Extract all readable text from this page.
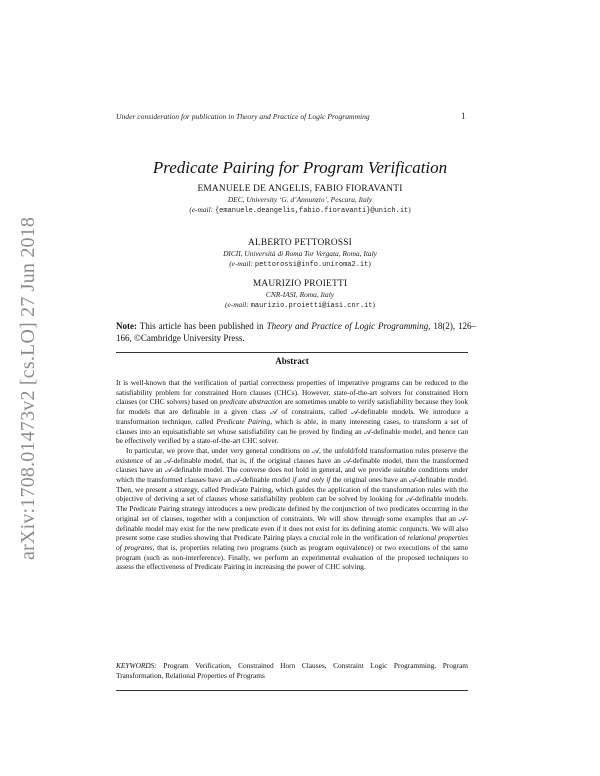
Under consideration for publication in Theory and Practice of Logic Programming	1
arXiv:1708.01473v2 [cs.LO] 27 Jun 2018
Predicate Pairing for Program Verification
EMANUELE DE ANGELIS, FABIO FIORAVANTI
DEC, University ‘G. d’Annunzio’, Pescara, Italy
(e-mail: {emanuele.deangelis,fabio.fioravanti}@unich.it)
ALBERTO PETTOROSSI
DICII, Università di Roma Tor Vergata, Roma, Italy
(e-mail: pettorossi@info.uniroma2.it)
MAURIZIO PROIETTI
CNR-IASI, Roma, Italy
(e-mail: maurizio.proietti@iasi.cnr.it)
Note: This article has been published in Theory and Practice of Logic Programming, 18(2), 126–166, ©Cambridge University Press.
Abstract

It is well-known that the verification of partial correctness properties of imperative programs can be reduced to the satisfiability problem for constrained Horn clauses (CHCs). However, state-of-the-art solvers for constrained Horn clauses (or CHC solvers) based on predicate abstraction are sometimes unable to verify satisfiability because they look for models that are definable in a given class 𝒜 of constraints, called 𝒜-definable models. We introduce a transformation technique, called Predicate Pairing, which is able, in many interesting cases, to transform a set of clauses into an equisatisfiable set whose satisfiability can be proved by finding an 𝒜-definable model, and hence can be effectively verified by a state-of-the-art CHC solver.

In particular, we prove that, under very general conditions on 𝒜, the unfold/fold transformation rules preserve the existence of an 𝒜-definable model, that is, if the original clauses have an 𝒜-definable model, then the transformed clauses have an 𝒜-definable model. The converse does not hold in general, and we provide suitable conditions under which the transformed clauses have an 𝒜-definable model if and only if the original ones have an 𝒜-definable model. Then, we present a strategy, called Predicate Pairing, which guides the application of the transformation rules with the objective of deriving a set of clauses whose satisfiability problem can be solved by looking for 𝒜-definable models. The Predicate Pairing strategy introduces a new predicate defined by the conjunction of two predicates occurring in the original set of clauses, together with a conjunction of constraints. We will show through some examples that an 𝒜-definable model may exist for the new predicate even if it does not exist for its defining atomic conjuncts. We will also present some case studies showing that Predicate Pairing plays a crucial role in the verification of relational properties of programs, that is, properties relating two programs (such as program equivalence) or two executions of the same program (such as non-interference). Finally, we perform an experimental evaluation of the proposed techniques to assess the effectiveness of Predicate Pairing in increasing the power of CHC solving.

KEYWORDS: Program Verification, Constrained Horn Clauses, Constraint Logic Programming, Program Transformation, Relational Properties of Programs
